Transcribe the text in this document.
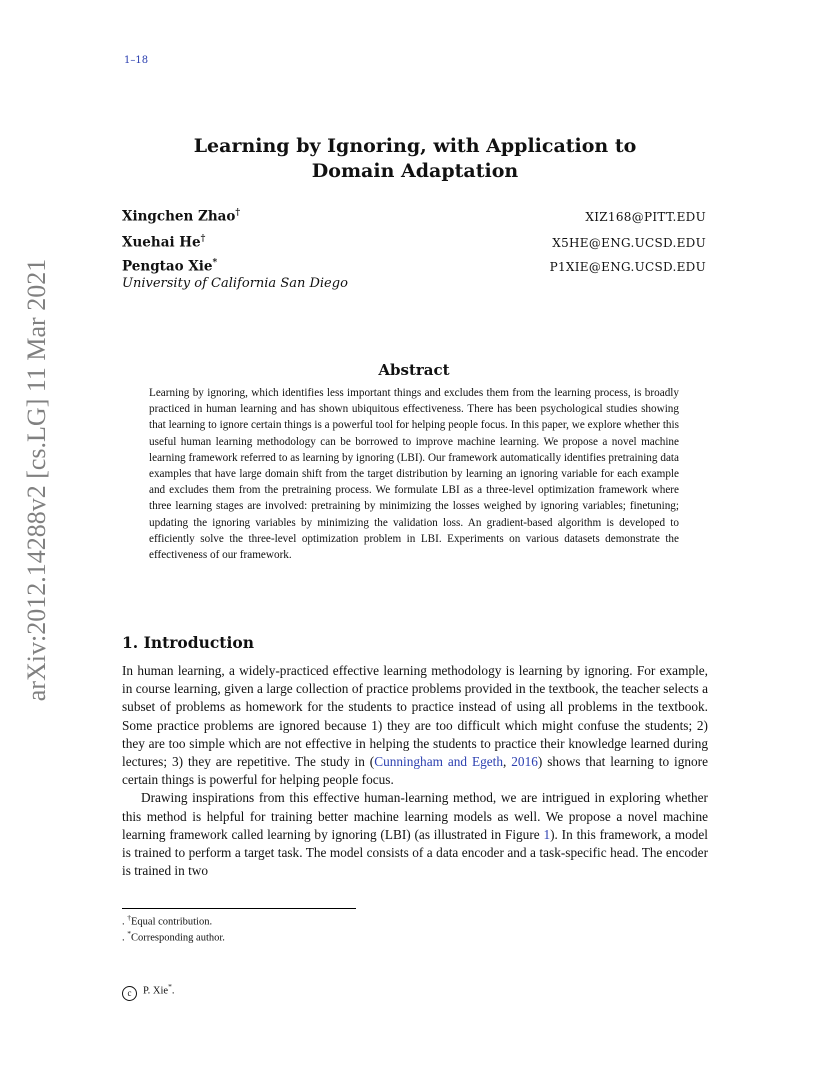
1–18
arXiv:2012.14288v2 [cs.LG] 11 Mar 2021
Learning by Ignoring, with Application to Domain Adaptation
Xingchen Zhao†	XIZ168@PITT.EDU
Xuehai He†	X5HE@ENG.UCSD.EDU
Pengtao Xie*	P1XIE@ENG.UCSD.EDU
University of California San Diego
Abstract
Learning by ignoring, which identifies less important things and excludes them from the learning process, is broadly practiced in human learning and has shown ubiquitous effectiveness. There has been psychological studies showing that learning to ignore certain things is a powerful tool for helping people focus. In this paper, we explore whether this useful human learning methodology can be borrowed to improve machine learning. We propose a novel machine learning framework referred to as learning by ignoring (LBI). Our framework automatically identifies pretraining data examples that have large domain shift from the target distribution by learning an ignoring variable for each example and excludes them from the pretraining process. We formulate LBI as a three-level optimization framework where three learning stages are involved: pretraining by minimizing the losses weighed by ignoring variables; finetuning; updating the ignoring variables by minimizing the validation loss. An gradient-based algorithm is developed to efficiently solve the three-level optimization problem in LBI. Experiments on various datasets demonstrate the effectiveness of our framework.
1. Introduction

In human learning, a widely-practiced effective learning methodology is learning by ignoring. For example, in course learning, given a large collection of practice problems provided in the textbook, the teacher selects a subset of problems as homework for the students to practice instead of using all problems in the textbook. Some practice problems are ignored because 1) they are too difficult which might confuse the students; 2) they are too simple which are not effective in helping the students to practice their knowledge learned during lectures; 3) they are repetitive. The study in (Cunningham and Egeth, 2016) shows that learning to ignore certain things is powerful for helping people focus.

Drawing inspirations from this effective human-learning method, we are intrigued in exploring whether this method is helpful for training better machine learning models as well. We propose a novel machine learning framework called learning by ignoring (LBI) (as illustrated in Figure 1). In this framework, a model is trained to perform a target task. The model consists of a data encoder and a task-specific head. The encoder is trained in two

. †Equal contribution.
. *Corresponding author.
c P. Xie*.
